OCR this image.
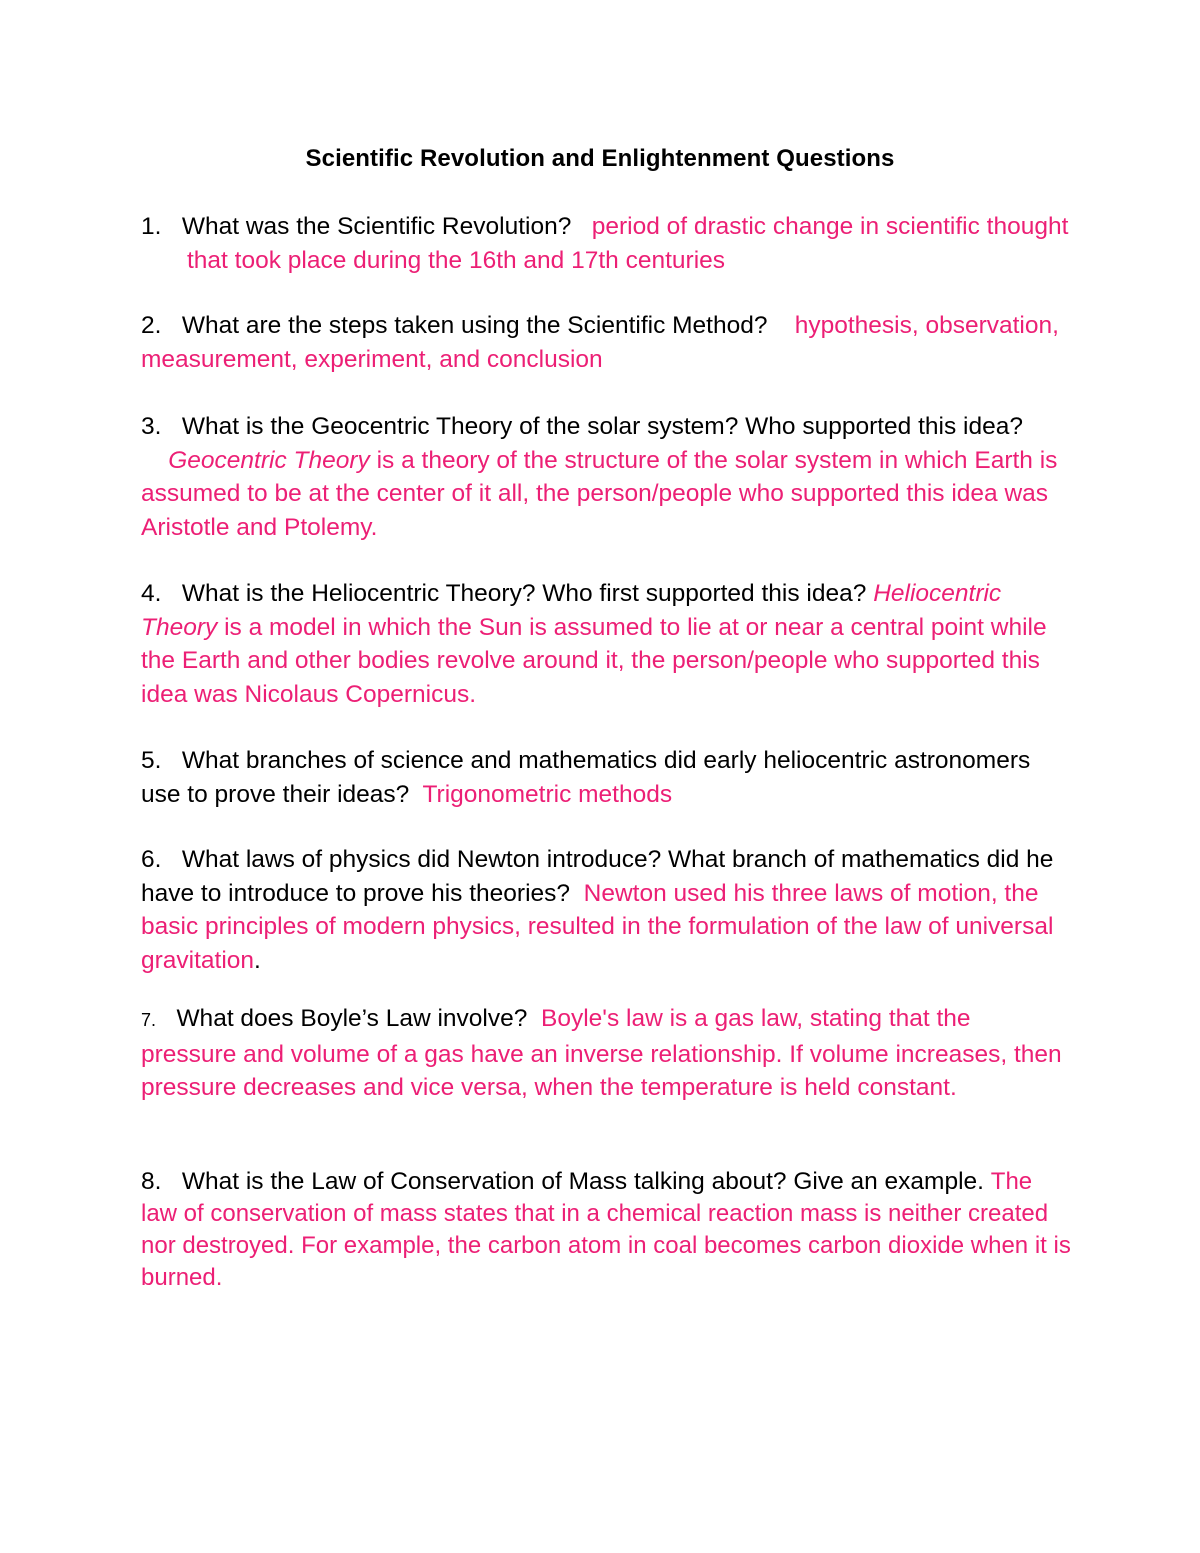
Scientific Revolution and Enlightenment Questions

1. What was the Scientific Revolution? period of drastic change in scientific thought that took place during the 16th and 17th centuries

2. What are the steps taken using the Scientific Method? hypothesis, observation, measurement, experiment, and conclusion

3. What is the Geocentric Theory of the solar system? Who supported this idea?    Geocentric Theory is a theory of the structure of the solar system in which Earth is assumed to be at the center of it all, the person/people who supported this idea was Aristotle and Ptolemy.

4. What is the Heliocentric Theory? Who first supported this idea? Heliocentric Theory is a model in which the Sun is assumed to lie at or near a central point while the Earth and other bodies revolve around it, the person/people who supported this idea was Nicolaus Copernicus.

5. What branches of science and mathematics did early heliocentric astronomers use to prove their ideas? Trigonometric methods

6. What laws of physics did Newton introduce? What branch of mathematics did he have to introduce to prove his theories? Newton used his three laws of motion, the basic principles of modern physics, resulted in the formulation of the law of universal gravitation.

7. What does Boyle’s Law involve? Boyle's law is a gas law, stating that the pressure and volume of a gas have an inverse relationship. If volume increases, then pressure decreases and vice versa, when the temperature is held constant.

8. What is the Law of Conservation of Mass talking about? Give an example. The law of conservation of mass states that in a chemical reaction mass is neither created nor destroyed. For example, the carbon atom in coal becomes carbon dioxide when it is burned.
